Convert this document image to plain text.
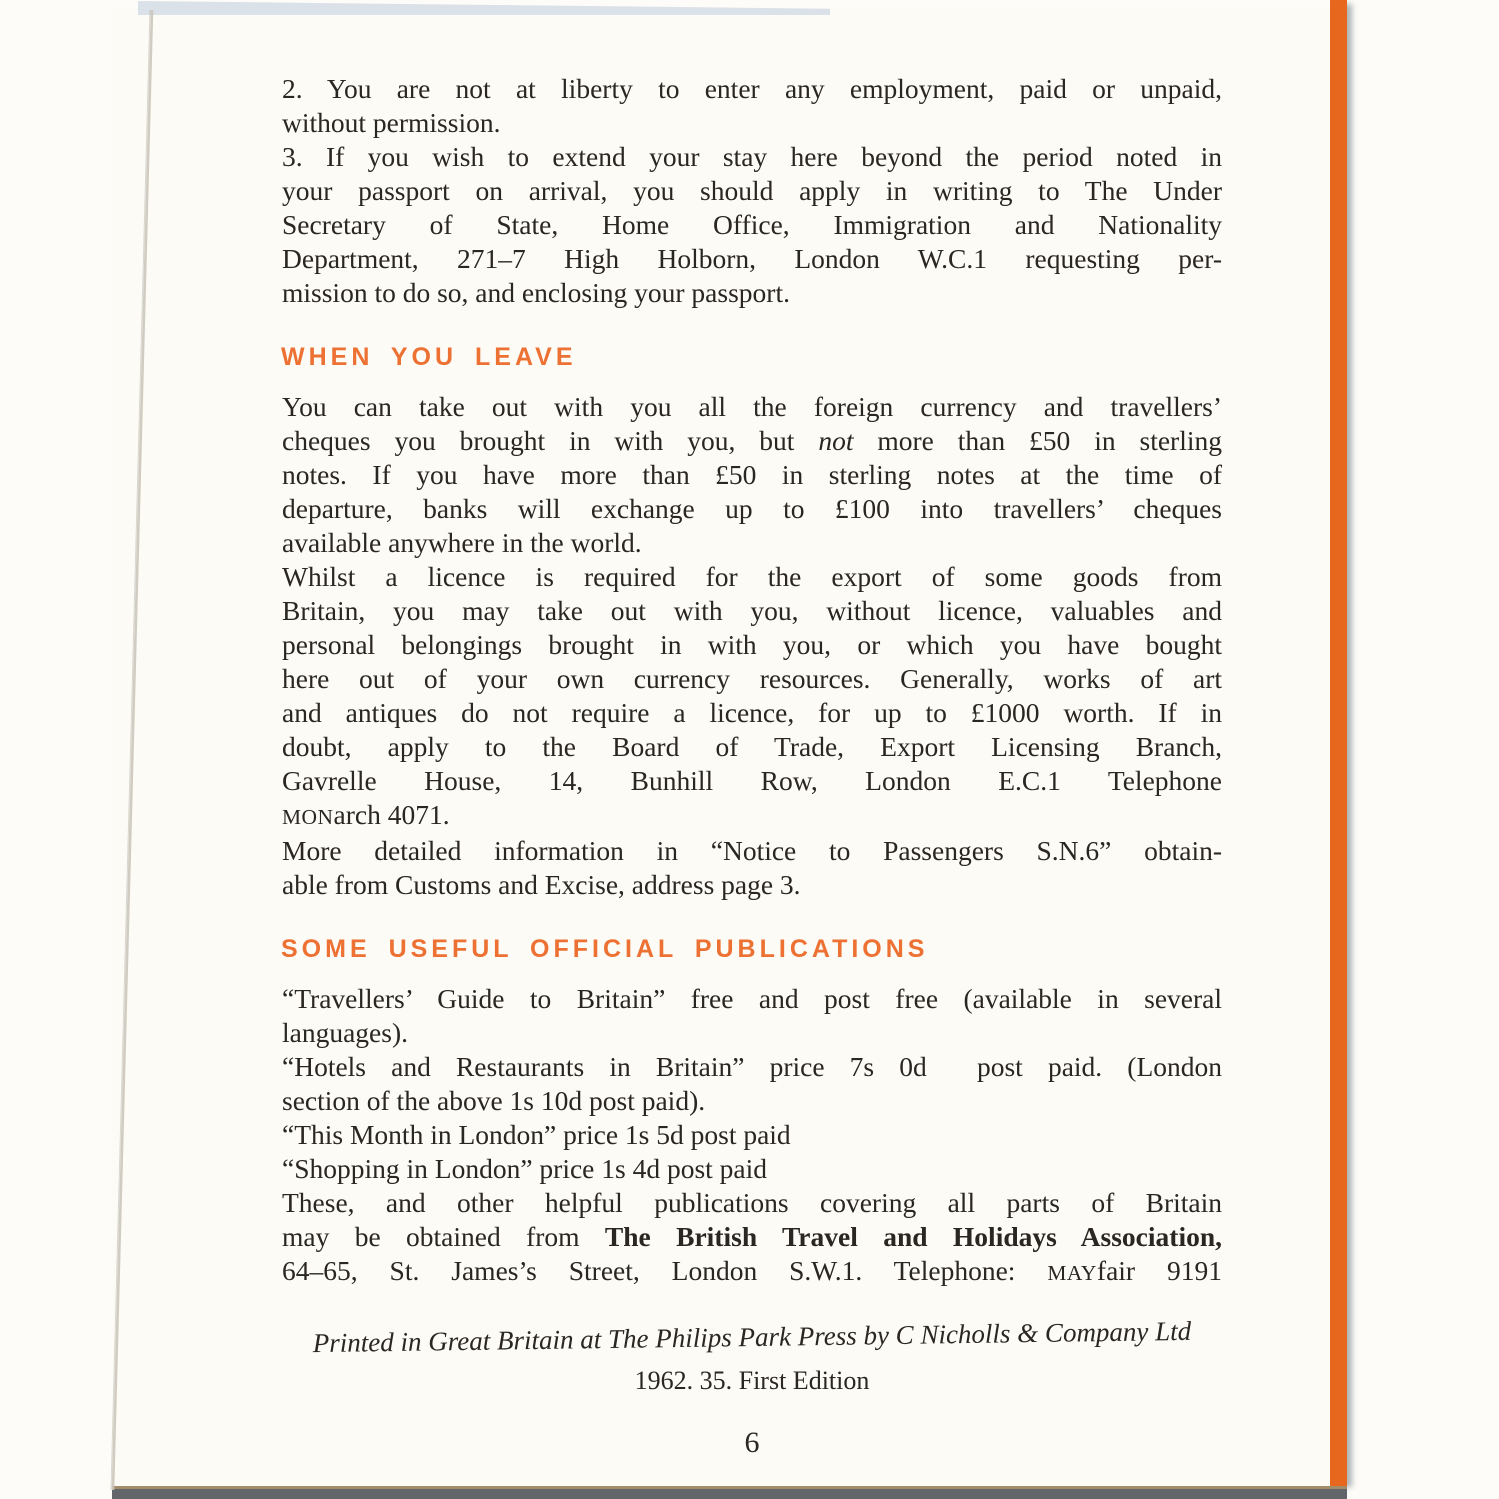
2. You are not at liberty to enter any employment, paid or unpaid,
without permission.
3. If you wish to extend your stay here beyond the period noted in
your passport on arrival, you should apply in writing to The Under
Secretary of State, Home Office, Immigration and Nationality
Department, 271–7 High Holborn, London W.C.1 requesting per-
mission to do so, and enclosing your passport.
WHEN YOU LEAVE
You can take out with you all the foreign currency and travellers’
cheques you brought in with you, but not more than £50 in sterling
notes. If you have more than £50 in sterling notes at the time of
departure, banks will exchange up to £100 into travellers’ cheques
available anywhere in the world.
Whilst a licence is required for the export of some goods from
Britain, you may take out with you, without licence, valuables and
personal belongings brought in with you, or which you have bought
here out of your own currency resources. Generally, works of art
and antiques do not require a licence, for up to £1000 worth. If in
doubt, apply to the Board of Trade, Export Licensing Branch,
Gavrelle House, 14, Bunhill Row, London E.C.1 Telephone
MONarch 4071.
More detailed information in “Notice to Passengers S.N.6” obtain-
able from Customs and Excise, address page 3.
SOME USEFUL OFFICIAL PUBLICATIONS
“Travellers’ Guide to Britain” free and post free (available in several
languages).
“Hotels and Restaurants in Britain” price 7s 0d  post paid. (London
section of the above 1s 10d post paid).
“This Month in London” price 1s 5d post paid
“Shopping in London” price 1s 4d post paid
These, and other helpful publications covering all parts of Britain
may be obtained from The British Travel and Holidays Association,
64–65, St. James’s Street, London S.W.1. Telephone: MAYfair 9191
Printed in Great Britain at The Philips Park Press by C Nicholls & Company Ltd
1962. 35. First Edition
6
